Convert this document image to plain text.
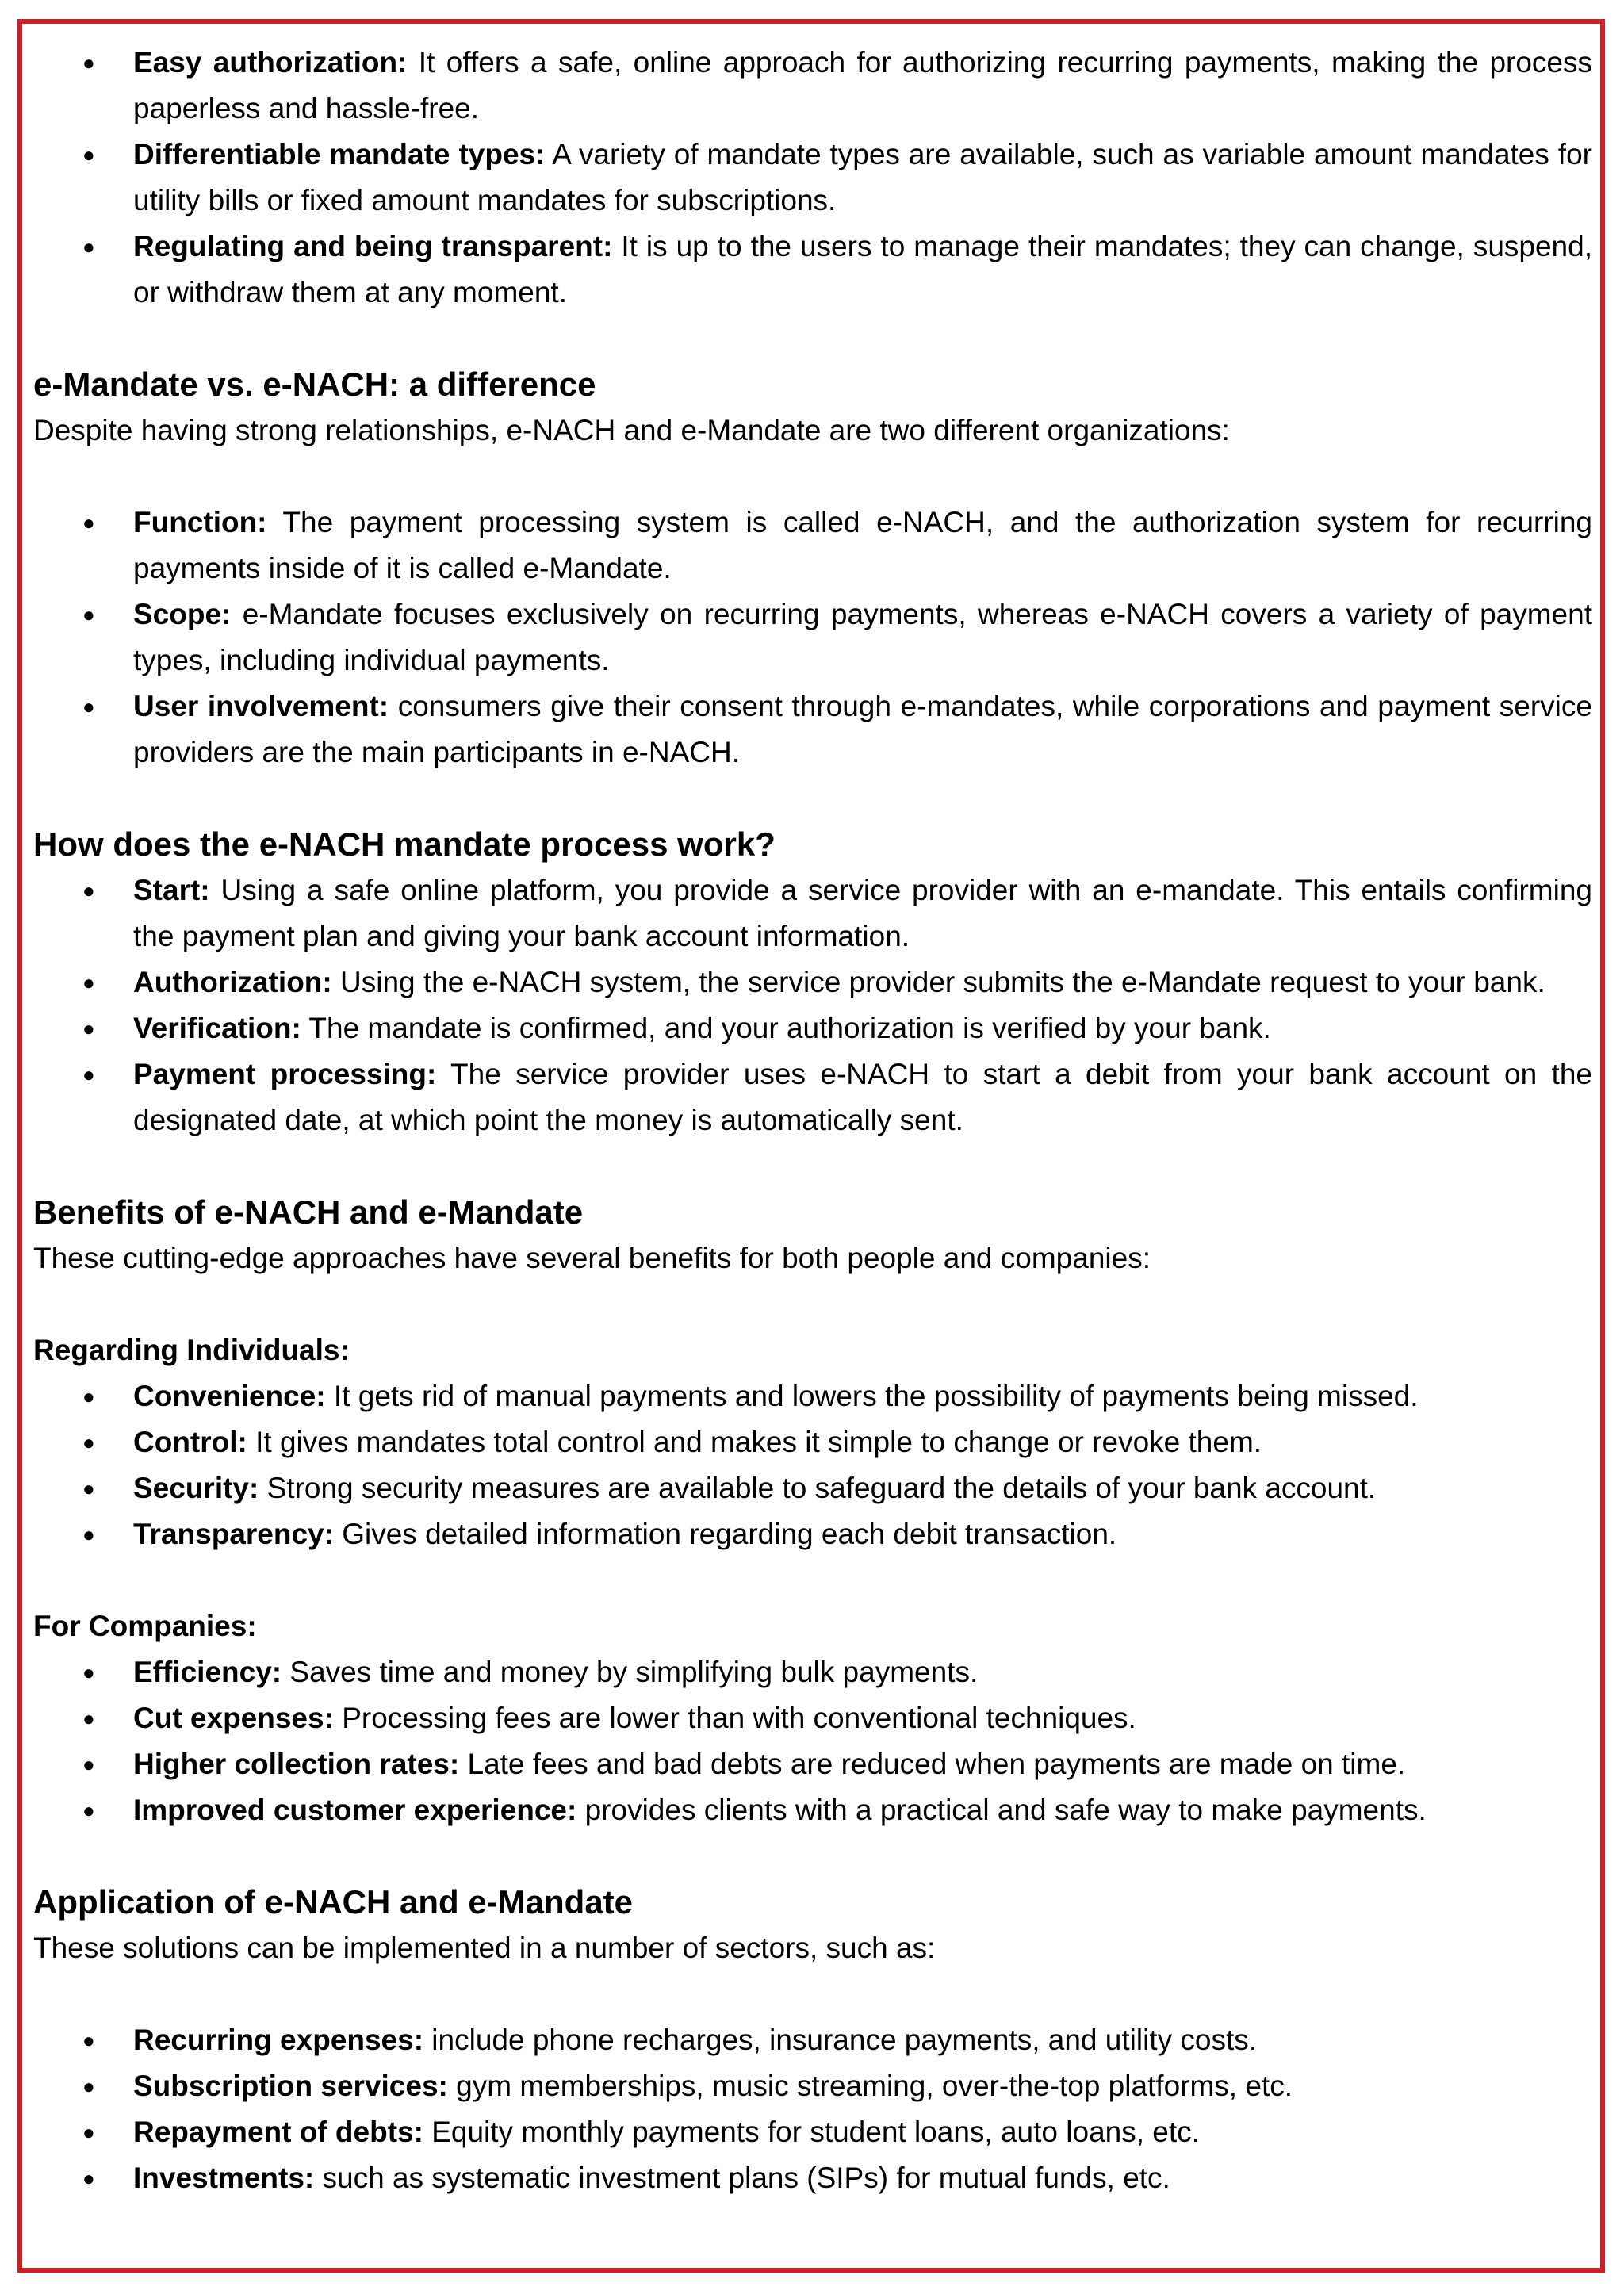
● Easy authorization: It offers a safe, online approach for authorizing recurring payments, making the process paperless and hassle-free.
● Differentiable mandate types: A variety of mandate types are available, such as variable amount mandates for utility bills or fixed amount mandates for subscriptions.
● Regulating and being transparent: It is up to the users to manage their mandates; they can change, suspend, or withdraw them at any moment.
e-Mandate vs. e-NACH: a difference

Despite having strong relationships, e-NACH and e-Mandate are two different organizations:

● Function: The payment processing system is called e-NACH, and the authorization system for recurring payments inside of it is called e-Mandate.
● Scope: e-Mandate focuses exclusively on recurring payments, whereas e-NACH covers a variety of payment types, including individual payments.
● User involvement: consumers give their consent through e-mandates, while corporations and payment service providers are the main participants in e-NACH.
How does the e-NACH mandate process work?
● Start: Using a safe online platform, you provide a service provider with an e-mandate. This entails confirming the payment plan and giving your bank account information.
● Authorization: Using the e-NACH system, the service provider submits the e-Mandate request to your bank.
● Verification: The mandate is confirmed, and your authorization is verified by your bank.
● Payment processing: The service provider uses e-NACH to start a debit from your bank account on the designated date, at which point the money is automatically sent.
Benefits of e-NACH and e-Mandate

These cutting-edge approaches have several benefits for both people and companies:

Regarding Individuals:

● Convenience: It gets rid of manual payments and lowers the possibility of payments being missed.
● Control: It gives mandates total control and makes it simple to change or revoke them.
● Security: Strong security measures are available to safeguard the details of your bank account.
● Transparency: Gives detailed information regarding each debit transaction.

For Companies:

● Efficiency: Saves time and money by simplifying bulk payments.
● Cut expenses: Processing fees are lower than with conventional techniques.
● Higher collection rates: Late fees and bad debts are reduced when payments are made on time.
● Improved customer experience: provides clients with a practical and safe way to make payments.
Application of e-NACH and e-Mandate

These solutions can be implemented in a number of sectors, such as:

● Recurring expenses: include phone recharges, insurance payments, and utility costs.
● Subscription services: gym memberships, music streaming, over-the-top platforms, etc.
● Repayment of debts: Equity monthly payments for student loans, auto loans, etc.
● Investments: such as systematic investment plans (SIPs) for mutual funds, etc.
